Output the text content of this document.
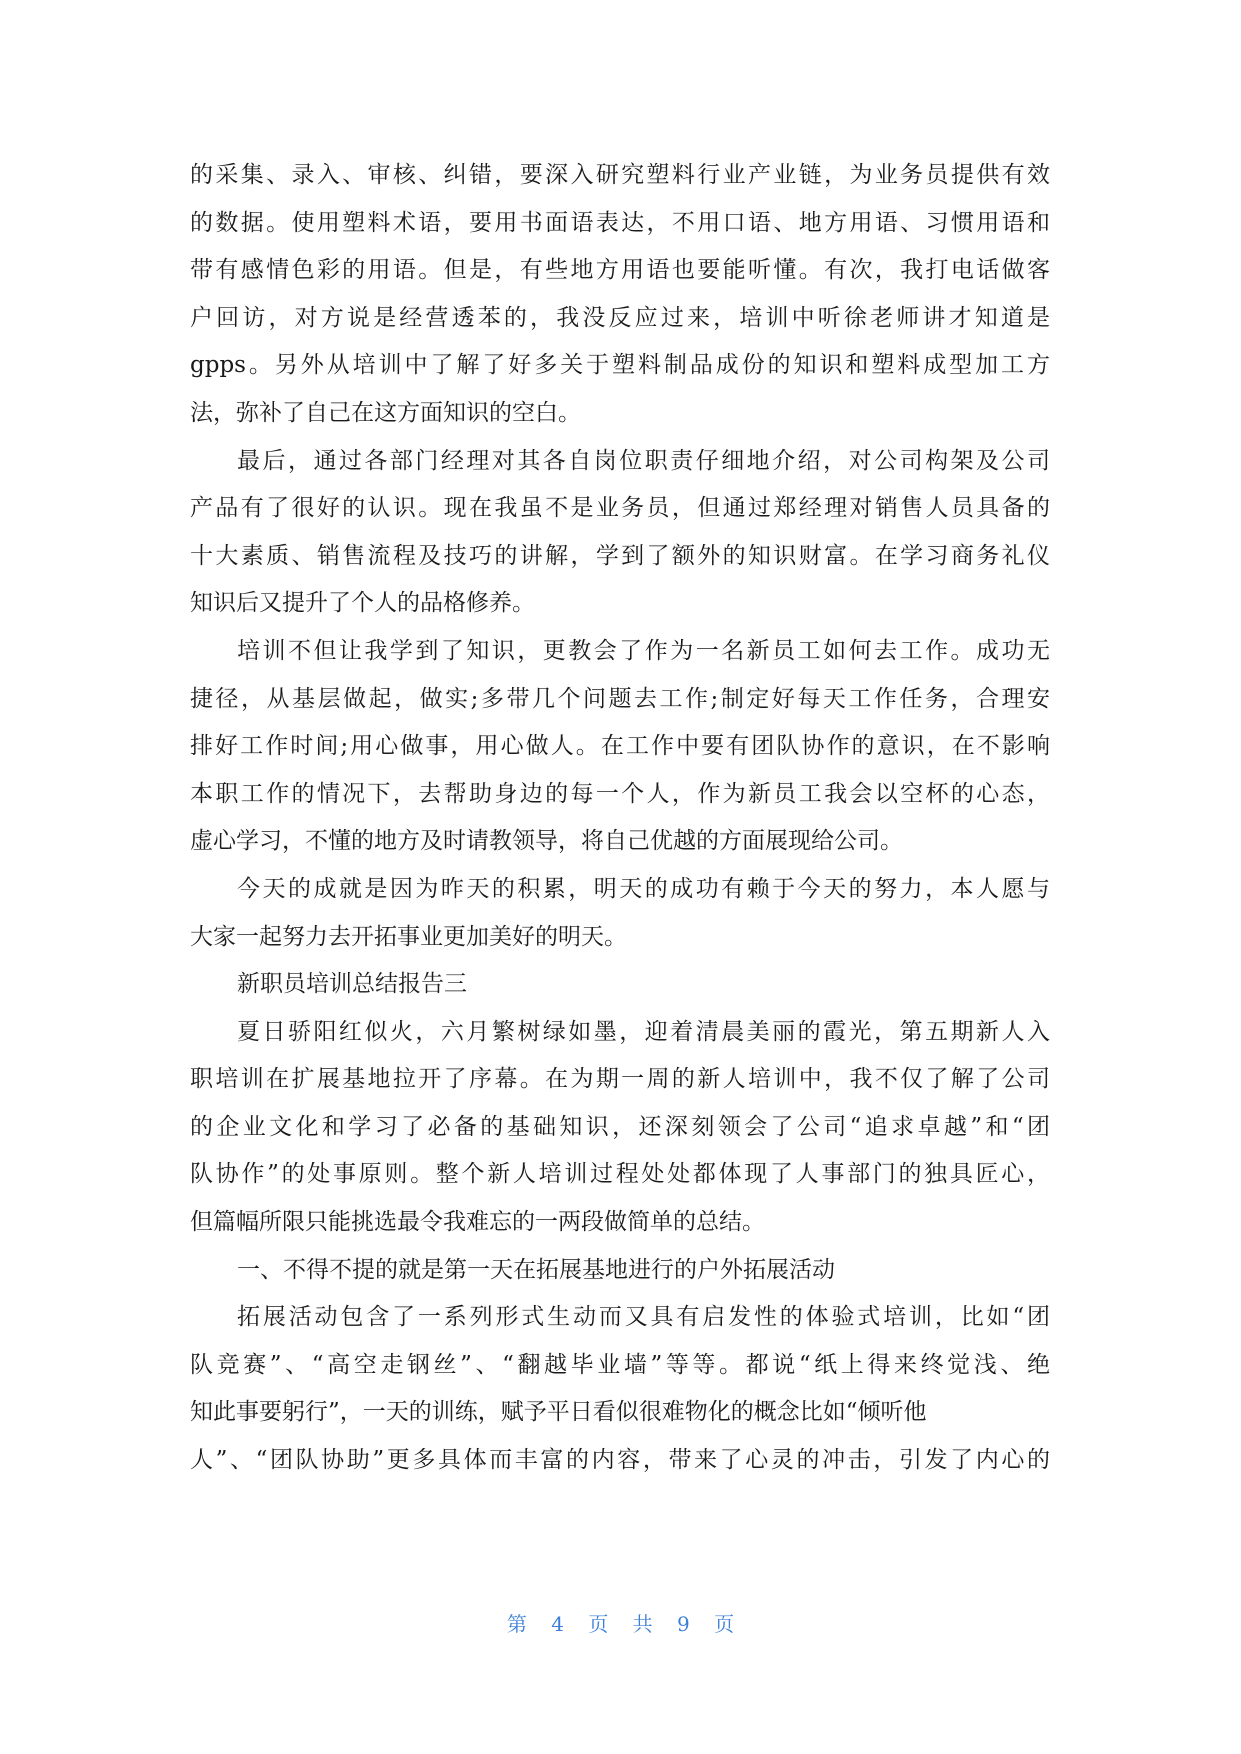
的采集、录入、审核、纠错，要深入研究塑料行业产业链，为业务员提供有效
的数据。使用塑料术语，要用书面语表达，不用口语、地方用语、习惯用语和
带有感情色彩的用语。但是，有些地方用语也要能听懂。有次，我打电话做客
户回访，对方说是经营透苯的，我没反应过来，培训中听徐老师讲才知道是
gpps。另外从培训中了解了好多关于塑料制品成份的知识和塑料成型加工方
法，弥补了自己在这方面知识的空白。
最后，通过各部门经理对其各自岗位职责仔细地介绍，对公司构架及公司
产品有了很好的认识。现在我虽不是业务员，但通过郑经理对销售人员具备的
十大素质、销售流程及技巧的讲解，学到了额外的知识财富。在学习商务礼仪
知识后又提升了个人的品格修养。
培训不但让我学到了知识，更教会了作为一名新员工如何去工作。成功无
捷径，从基层做起，做实;多带几个问题去工作;制定好每天工作任务，合理安
排好工作时间;用心做事，用心做人。在工作中要有团队协作的意识，在不影响
本职工作的情况下，去帮助身边的每一个人，作为新员工我会以空杯的心态，
虚心学习，不懂的地方及时请教领导，将自己优越的方面展现给公司。
今天的成就是因为昨天的积累，明天的成功有赖于今天的努力，本人愿与
大家一起努力去开拓事业更加美好的明天。
新职员培训总结报告三
夏日骄阳红似火，六月繁树绿如墨，迎着清晨美丽的霞光，第五期新人入
职培训在扩展基地拉开了序幕。在为期一周的新人培训中，我不仅了解了公司
的企业文化和学习了必备的基础知识，还深刻领会了公司“追求卓越”和“团
队协作”的处事原则。整个新人培训过程处处都体现了人事部门的独具匠心，
但篇幅所限只能挑选最令我难忘的一两段做简单的总结。
一、不得不提的就是第一天在拓展基地进行的户外拓展活动
拓展活动包含了一系列形式生动而又具有启发性的体验式培训，比如“团
队竞赛”、“高空走钢丝”、“翻越毕业墙”等等。都说“纸上得来终觉浅、绝
知此事要躬行”，一天的训练，赋予平日看似很难物化的概念比如“倾听他
人”、“团队协助”更多具体而丰富的内容，带来了心灵的冲击，引发了内心的
第 4 页 共 9 页
